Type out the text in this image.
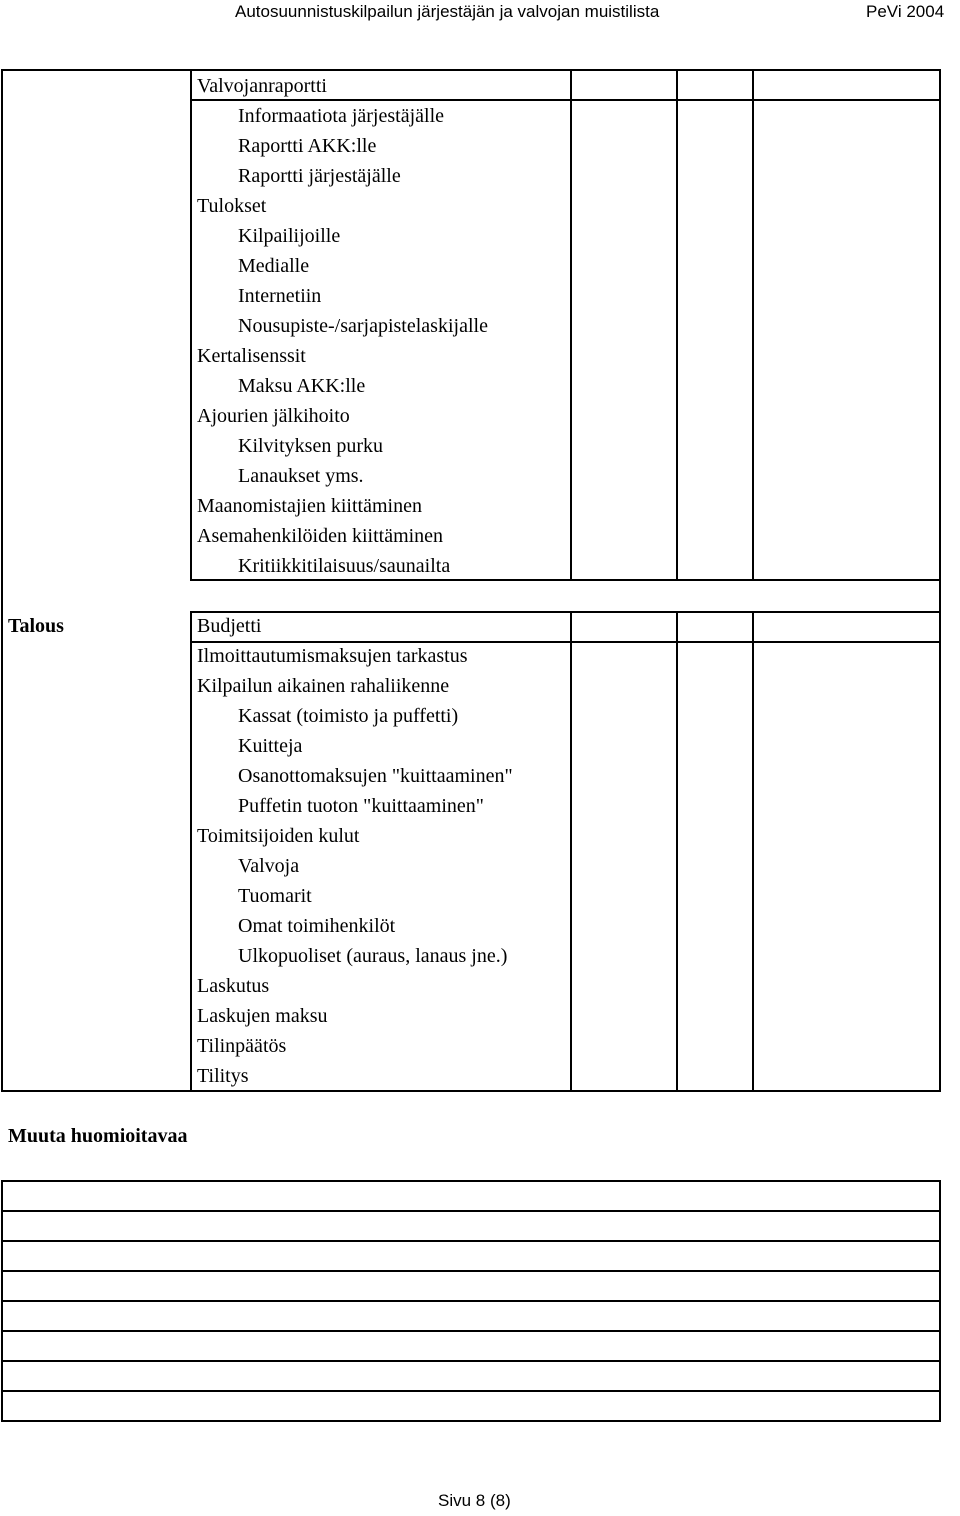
Autosuunnistuskilpailun järjestäjän ja valvojan muistilista	PeVi 2004
Valvojanraportti
Informaatiota järjestäjälle
Raportti AKK:lle
Raportti järjestäjälle
Tulokset
Kilpailijoille
Medialle
Internetiin
Nousupiste-/sarjapistelaskijalle
Kertalisenssit
Maksu AKK:lle
Ajourien jälkihoito
Kilvityksen purku
Lanaukset yms.
Maanomistajien kiittäminen
Asemahenkilöiden kiittäminen
Kritiikkitilaisuus/saunailta
Talous	Budjetti
Ilmoittautumismaksujen tarkastus
Kilpailun aikainen rahaliikenne
Kassat (toimisto ja puffetti)
Kuitteja
Osanottomaksujen "kuittaaminen"
Puffetin tuoton "kuittaaminen"
Toimitsijoiden kulut
Valvoja
Tuomarit
Omat toimihenkilöt
Ulkopuoliset (auraus, lanaus jne.)
Laskutus
Laskujen maksu
Tilinpäätös
Tilitys
Muuta huomioitavaa
Sivu 8 (8)
